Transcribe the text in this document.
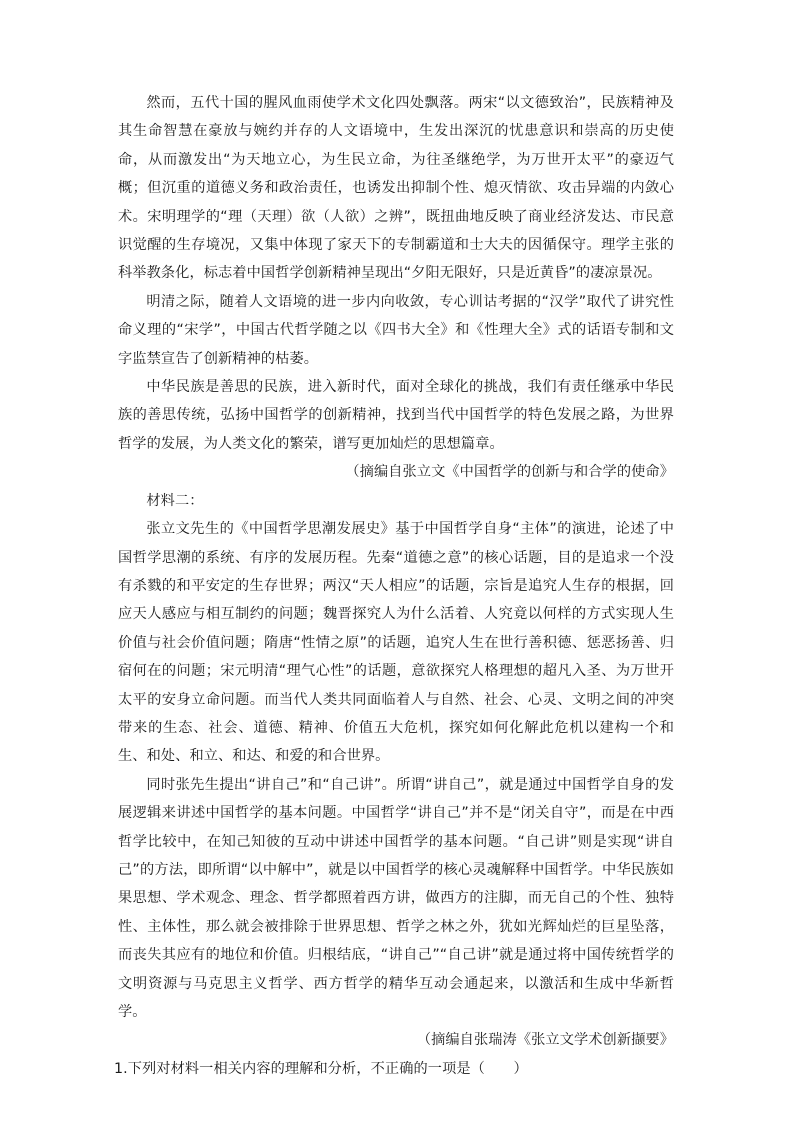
然而，五代十国的腥风血雨使学术文化四处飘落。两宋“以文德致治”，民族精神及其生命智慧在豪放与婉约并存的人文语境中，生发出深沉的忧患意识和崇高的历史使命，从而激发出“为天地立心，为生民立命，为往圣继绝学，为万世开太平”的豪迈气概；但沉重的道德义务和政治责任，也诱发出抑制个性、熄灭情欲、攻击异端的内敛心术。宋明理学的“理（天理）欲（人欲）之辨”，既扭曲地反映了商业经济发达、市民意识觉醒的生存境况，又集中体现了家天下的专制霸道和士大夫的因循保守。理学主张的科举教条化，标志着中国哲学创新精神呈现出“夕阳无限好，只是近黄昏”的凄凉景况。

明清之际，随着人文语境的进一步内向收敛，专心训诂考据的“汉学”取代了讲究性命义理的“宋学”，中国古代哲学随之以《四书大全》和《性理大全》式的话语专制和文字监禁宣告了创新精神的枯萎。

中华民族是善思的民族，进入新时代，面对全球化的挑战，我们有责任继承中华民族的善思传统，弘扬中国哲学的创新精神，找到当代中国哲学的特色发展之路，为世界哲学的发展，为人类文化的繁荣，谱写更加灿烂的思想篇章。

（摘编自张立文《中国哲学的创新与和合学的使命》

材料二：

张立文先生的《中国哲学思潮发展史》基于中国哲学自身“主体”的演进，论述了中国哲学思潮的系统、有序的发展历程。先秦“道德之意”的核心话题，目的是追求一个没有杀戮的和平安定的生存世界；两汉“天人相应”的话题，宗旨是追究人生存的根据，回应天人感应与相互制约的问题；魏晋探究人为什么活着、人究竟以何样的方式实现人生价值与社会价值问题；隋唐“性情之原”的话题，追究人生在世行善积德、惩恶扬善、归宿何在的问题；宋元明清“理气心性”的话题，意欲探究人格理想的超凡入圣、为万世开太平的安身立命问题。而当代人类共同面临着人与自然、社会、心灵、文明之间的冲突带来的生态、社会、道德、精神、价值五大危机，探究如何化解此危机以建构一个和生、和处、和立、和达、和爱的和合世界。

同时张先生提出“讲自己”和“自己讲”。所谓“讲自己”，就是通过中国哲学自身的发展逻辑来讲述中国哲学的基本问题。中国哲学“讲自己”并不是“闭关自守”，而是在中西哲学比较中，在知己知彼的互动中讲述中国哲学的基本问题。“自己讲”则是实现“讲自己”的方法，即所谓“以中解中”，就是以中国哲学的核心灵魂解释中国哲学。中华民族如果思想、学术观念、理念、哲学都照着西方讲，做西方的注脚，而无自己的个性、独特性、主体性，那么就会被排除于世界思想、哲学之林之外，犹如光辉灿烂的巨星坠落，而丧失其应有的地位和价值。归根结底，“讲自己”“自己讲”就是通过将中国传统哲学的文明资源与马克思主义哲学、西方哲学的精华互动会通起来，以激活和生成中华新哲学。

（摘编自张瑞涛《张立文学术创新撷要》

1.下列对材料一相关内容的理解和分析，不正确的一项是（　　）
